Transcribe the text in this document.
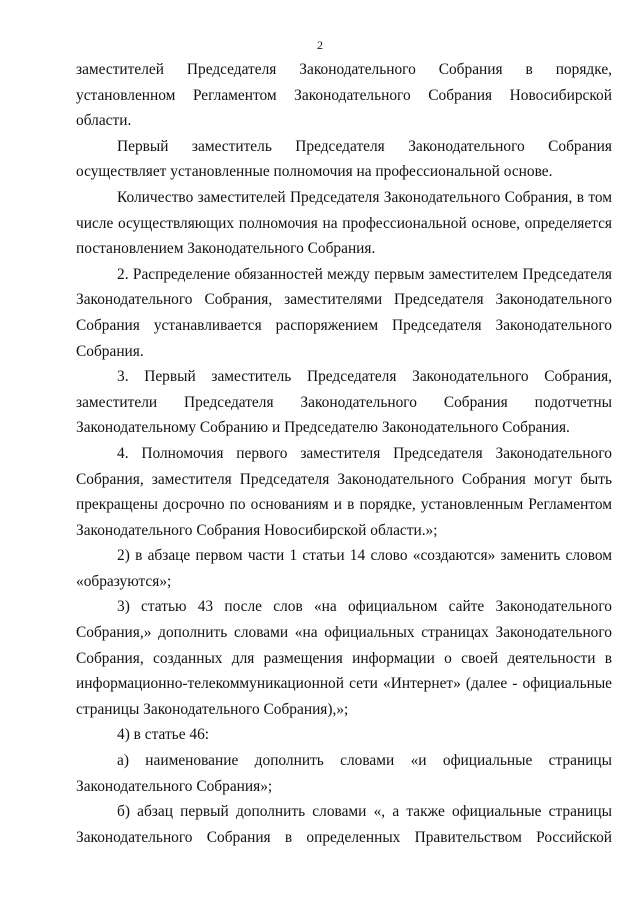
2

заместителей Председателя Законодательного Собрания в порядке, установленном Регламентом Законодательного Собрания Новосибирской области.

Первый заместитель Председателя Законодательного Собрания осуществляет установленные полномочия на профессиональной основе.

Количество заместителей Председателя Законодательного Собрания, в том числе осуществляющих полномочия на профессиональной основе, определяется постановлением Законодательного Собрания.

2. Распределение обязанностей между первым заместителем Председателя Законодательного Собрания, заместителями Председателя Законодательного Собрания устанавливается распоряжением Председателя Законодательного Собрания.

3. Первый заместитель Председателя Законодательного Собрания, заместители Председателя Законодательного Собрания подотчетны Законодательному Собранию и Председателю Законодательного Собрания.

4. Полномочия первого заместителя Председателя Законодательного Собрания, заместителя Председателя Законодательного Собрания могут быть прекращены досрочно по основаниям и в порядке, установленным Регламентом Законодательного Собрания Новосибирской области.»;

2) в абзаце первом части 1 статьи 14 слово «создаются» заменить словом «образуются»;

3) статью 43 после слов «на официальном сайте Законодательного Собрания,» дополнить словами «на официальных страницах Законодательного Собрания, созданных для размещения информации о своей деятельности в информационно-телекоммуникационной сети «Интернет» (далее - официальные страницы Законодательного Собрания),»;

4) в статье 46:

а) наименование дополнить словами «и официальные страницы Законодательного Собрания»;

б) абзац первый дополнить словами «, а также официальные страницы Законодательного Собрания в определенных Правительством Российской
